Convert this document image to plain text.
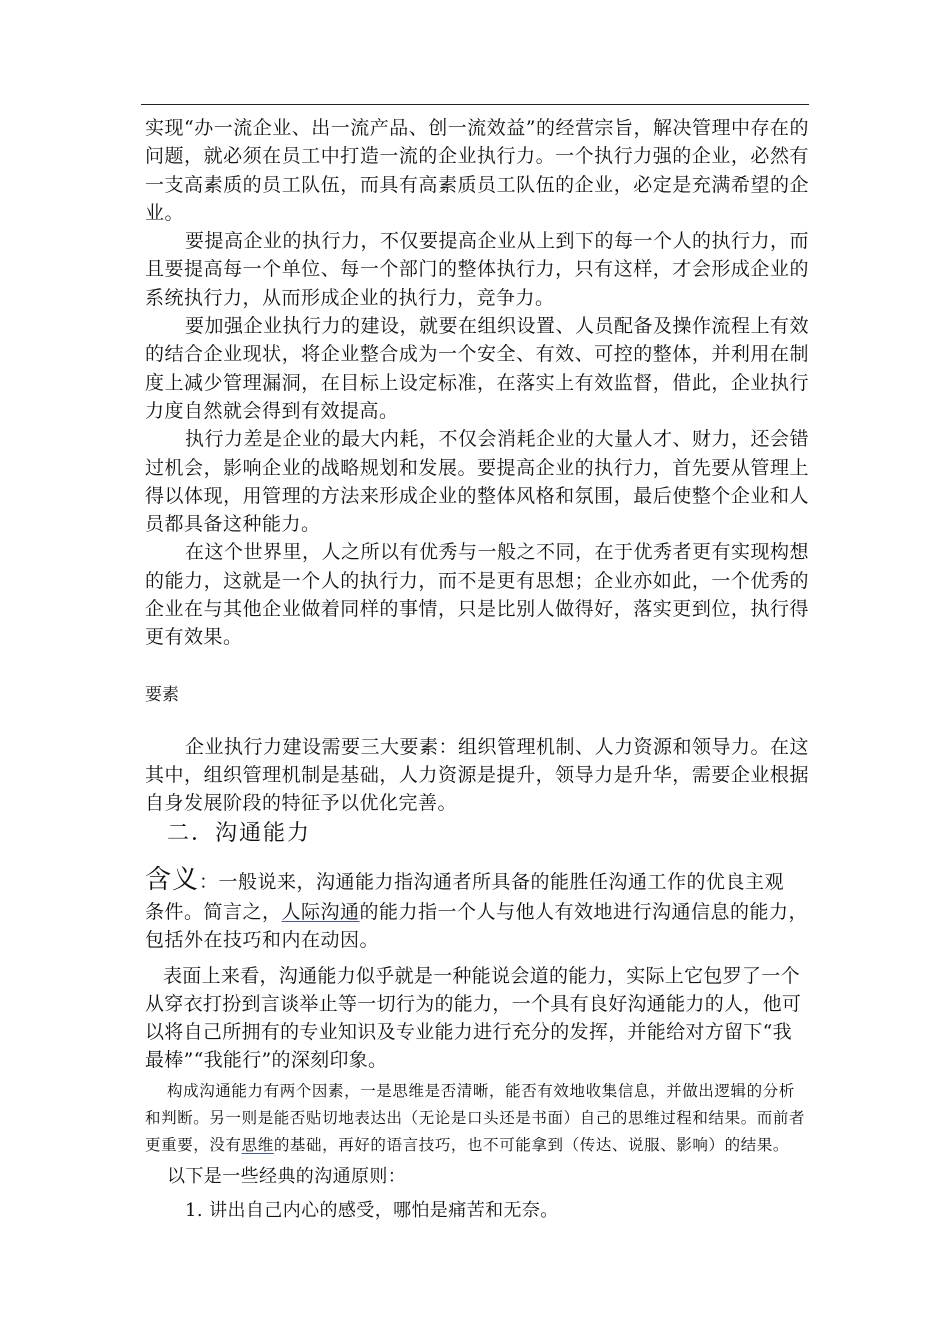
实现“办一流企业、出一流产品、创一流效益”的经营宗旨，解决管理中存在的问题，就必须在员工中打造一流的企业执行力。一个执行力强的企业，必然有一支高素质的员工队伍，而具有高素质员工队伍的企业，必定是充满希望的企业。

要提高企业的执行力，不仅要提高企业从上到下的每一个人的执行力，而且要提高每一个单位、每一个部门的整体执行力，只有这样，才会形成企业的系统执行力，从而形成企业的执行力，竞争力。

要加强企业执行力的建设，就要在组织设置、人员配备及操作流程上有效的结合企业现状，将企业整合成为一个安全、有效、可控的整体，并利用在制度上减少管理漏洞，在目标上设定标准，在落实上有效监督，借此，企业执行力度自然就会得到有效提高。

执行力差是企业的最大内耗，不仅会消耗企业的大量人才、财力，还会错过机会，影响企业的战略规划和发展。要提高企业的执行力，首先要从管理上得以体现，用管理的方法来形成企业的整体风格和氛围，最后使整个企业和人员都具备这种能力。

在这个世界里，人之所以有优秀与一般之不同，在于优秀者更有实现构想的能力，这就是一个人的执行力，而不是更有思想；企业亦如此，一个优秀的企业在与其他企业做着同样的事情，只是比别人做得好，落实更到位，执行得更有效果。

要素

企业执行力建设需要三大要素：组织管理机制、人力资源和领导力。在这其中，组织管理机制是基础，人力资源是提升，领导力是升华，需要企业根据自身发展阶段的特征予以优化完善。

二．沟通能力

含义：一般说来，沟通能力指沟通者所具备的能胜任沟通工作的优良主观

条件。简言之，人际沟通的能力指一个人与他人有效地进行沟通信息的能力，包括外在技巧和内在动因。

表面上来看，沟通能力似乎就是一种能说会道的能力，实际上它包罗了一个从穿衣打扮到言谈举止等一切行为的能力，一个具有良好沟通能力的人，他可以将自己所拥有的专业知识及专业能力进行充分的发挥，并能给对方留下“我最棒”“我能行”的深刻印象。

构成沟通能力有两个因素，一是思维是否清晰，能否有效地收集信息，并做出逻辑的分析和判断。另一则是能否贴切地表达出（无论是口头还是书面）自己的思维过程和结果。而前者更重要，没有思维的基础，再好的语言技巧，也不可能拿到（传达、说服、影响）的结果。

以下是一些经典的沟通原则：

1. 讲出自己内心的感受，哪怕是痛苦和无奈。
